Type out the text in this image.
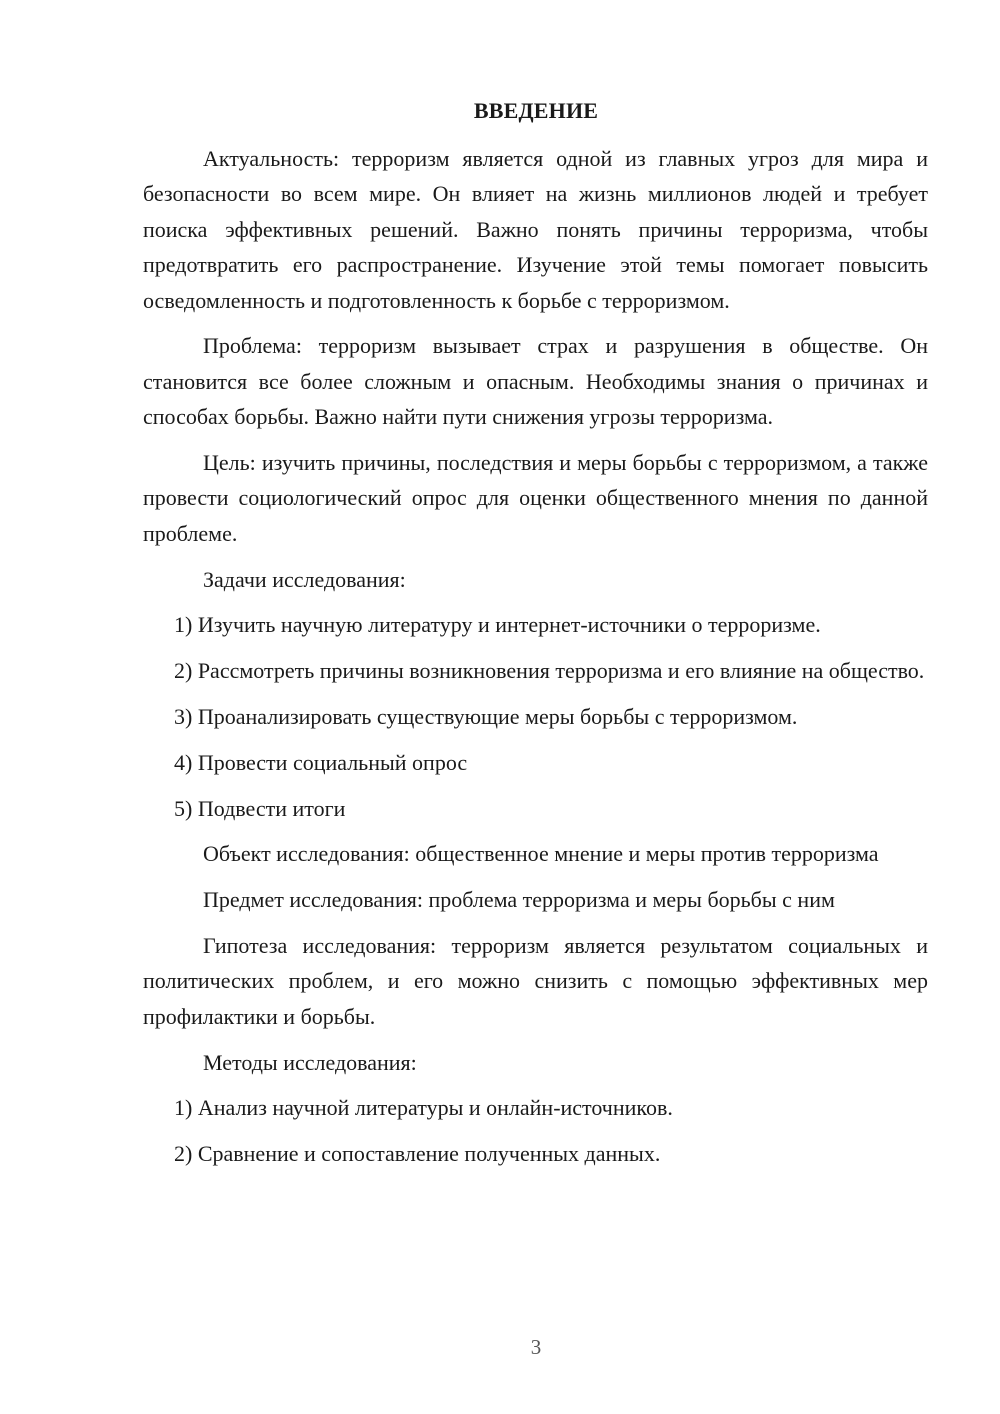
ВВЕДЕНИЕ

Актуальность: терроризм является одной из главных угроз для мира и безопасности во всем мире. Он влияет на жизнь миллионов людей и требует поиска эффективных решений. Важно понять причины терроризма, чтобы предотвратить его распространение. Изучение этой темы помогает повысить осведомленность и подготовленность к борьбе с терроризмом.

Проблема: терроризм вызывает страх и разрушения в обществе. Он становится все более сложным и опасным. Необходимы знания о причинах и способах борьбы. Важно найти пути снижения угрозы терроризма.

Цель: изучить причины, последствия и меры борьбы с терроризмом, а также провести социологический опрос для оценки общественного мнения по данной проблеме.

Задачи исследования:

1) Изучить научную литературу и интернет-источники о терроризме.

2) Рассмотреть причины возникновения терроризма и его влияние на общество.

3) Проанализировать существующие меры борьбы с терроризмом.

4) Провести социальный опрос

5) Подвести итоги

Объект исследования: общественное мнение и меры против терроризма

Предмет исследования: проблема терроризма и меры борьбы с ним

Гипотеза исследования: терроризм является результатом социальных и политических проблем, и его можно снизить с помощью эффективных мер профилактики и борьбы.

Методы исследования:

1) Анализ научной литературы и онлайн-источников.

2) Сравнение и сопоставление полученных данных.

3
